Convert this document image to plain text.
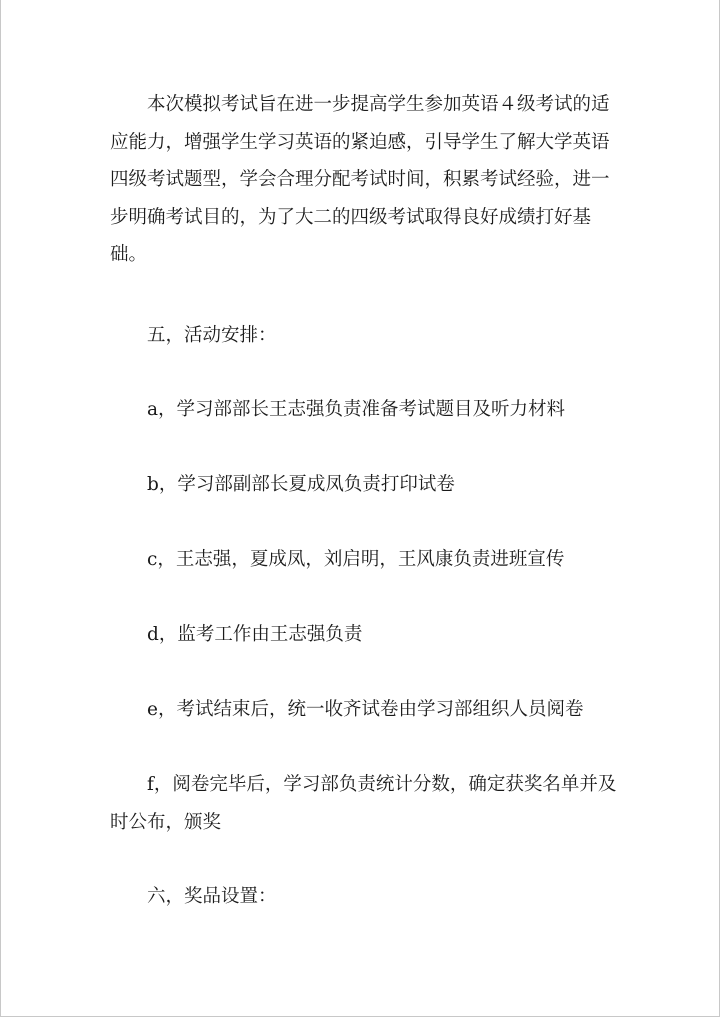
本次模拟考试旨在进一步提高学生参加英语４级考试的适应能力，增强学生学习英语的紧迫感，引导学生了解大学英语四级考试题型，学会合理分配考试时间，积累考试经验，进一步明确考试目的，为了大二的四级考试取得良好成绩打好基础。

五，活动安排：

a，学习部部长王志强负责准备考试题目及听力材料

b，学习部副部长夏成凤负责打印试卷

c，王志强，夏成凤，刘启明，王风康负责进班宣传

d，监考工作由王志强负责

e，考试结束后，统一收齐试卷由学习部组织人员阅卷

f，阅卷完毕后，学习部负责统计分数，确定获奖名单并及时公布，颁奖

六，奖品设置：
